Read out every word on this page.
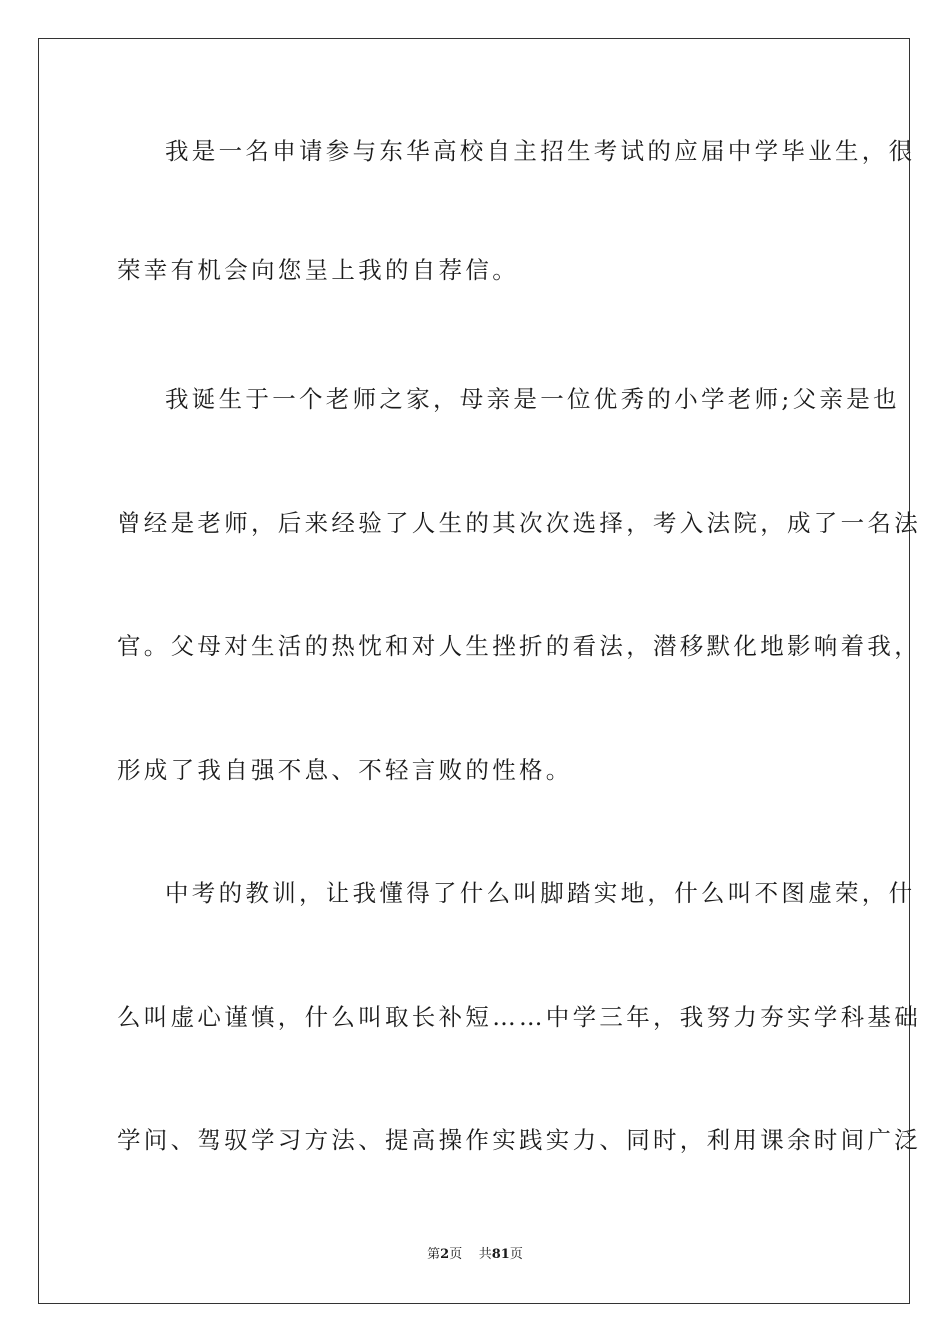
我是一名申请参与东华高校自主招生考试的应届中学毕业生，很
荣幸有机会向您呈上我的自荐信。
我诞生于一个老师之家，母亲是一位优秀的小学老师;父亲是也
曾经是老师，后来经验了人生的其次次选择，考入法院，成了一名法
官。父母对生活的热忱和对人生挫折的看法，潜移默化地影响着我，
形成了我自强不息、不轻言败的性格。
中考的教训，让我懂得了什么叫脚踏实地，什么叫不图虚荣，什
么叫虚心谨慎，什么叫取长补短……中学三年，我努力夯实学科基础
学问、驾驭学习方法、提高操作实践实力、同时，利用课余时间广泛
第2页 共81页
